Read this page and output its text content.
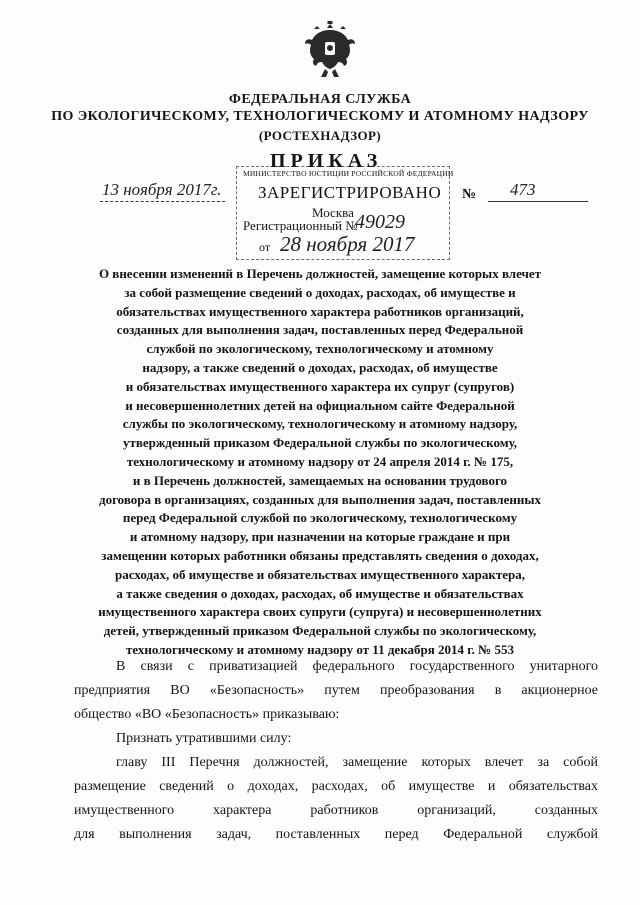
ФЕДЕРАЛЬНАЯ СЛУЖБА
ПО ЭКОЛОГИЧЕСКОМУ, ТЕХНОЛОГИЧЕСКОМУ И АТОМНОМУ НАДЗОРУ
(РОСТЕХНАДЗОР)
ПРИКАЗ
МИНИСТЕРСТВО ЮСТИЦИИ РОССИЙСКОЙ ФЕДЕРАЦИИ
ЗАРЕГИСТРИРОВАНО
Москва
Регистрационный №
49029
от 28 ноября 2017
13 ноября 2017г.	№ 473
О внесении изменений в Перечень должностей, замещение которых влечет
за собой размещение сведений о доходах, расходах, об имуществе и
обязательствах имущественного характера работников организаций,
созданных для выполнения задач, поставленных перед Федеральной
службой по экологическому, технологическому и атомному
надзору, а также сведений о доходах, расходах, об имуществе
и обязательствах имущественного характера их супруг (супругов)
и несовершеннолетних детей на официальном сайте Федеральной
службы по экологическому, технологическому и атомному надзору,
утвержденный приказом Федеральной службы по экологическому,
технологическому и атомному надзору от 24 апреля 2014 г. № 175,
и в Перечень должностей, замещаемых на основании трудового
договора в организациях, созданных для выполнения задач, поставленных
перед Федеральной службой по экологическому, технологическому
и атомному надзору, при назначении на которые граждане и при
замещении которых работники обязаны представлять сведения о доходах,
расходах, об имуществе и обязательствах имущественного характера,
а также сведения о доходах, расходах, об имуществе и обязательствах
имущественного характера своих супруги (супруга) и несовершеннолетних
детей, утвержденный приказом Федеральной службы по экологическому,
технологическому и атомному надзору от 11 декабря 2014 г. № 553
В связи с приватизацией федерального государственного унитарного
предприятия ВО «Безопасность» путем преобразования в акционерное
общество «ВО «Безопасность» приказываю:
Признать утратившими силу:
главу III Перечня должностей, замещение которых влечет за собой
размещение сведений о доходах, расходах, об имуществе и обязательствах
имущественного характера работников организаций, созданных
для выполнения задач, поставленных перед Федеральной службой
